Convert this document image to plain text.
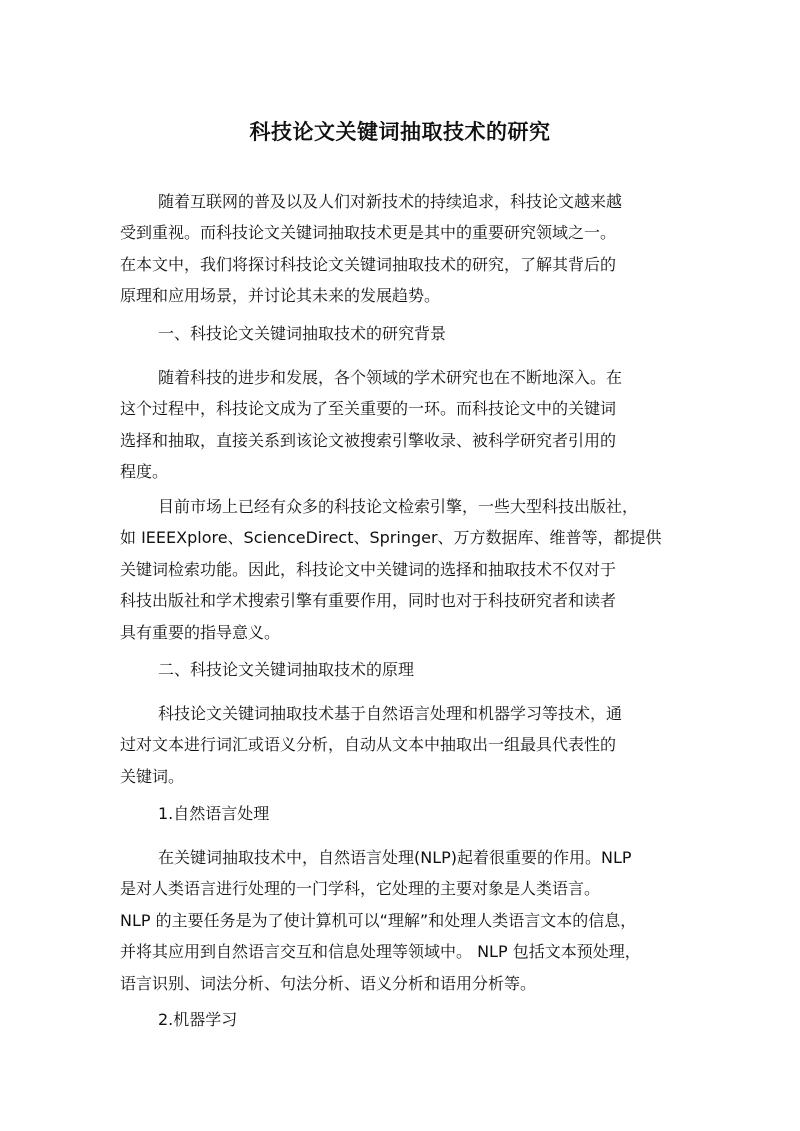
科技论文关键词抽取技术的研究
随着互联网的普及以及人们对新技术的持续追求，科技论文越来越
受到重视。而科技论文关键词抽取技术更是其中的重要研究领域之一。
在本文中，我们将探讨科技论文关键词抽取技术的研究，了解其背后的
原理和应用场景，并讨论其未来的发展趋势。
一、科技论文关键词抽取技术的研究背景
随着科技的进步和发展，各个领域的学术研究也在不断地深入。在
这个过程中，科技论文成为了至关重要的一环。而科技论文中的关键词
选择和抽取，直接关系到该论文被搜索引擎收录、被科学研究者引用的
程度。
目前市场上已经有众多的科技论文检索引擎，一些大型科技出版社，
如 IEEEXplore、ScienceDirect、Springer、万方数据库、维普等，都提供
关键词检索功能。因此，科技论文中关键词的选择和抽取技术不仅对于
科技出版社和学术搜索引擎有重要作用，同时也对于科技研究者和读者
具有重要的指导意义。
二、科技论文关键词抽取技术的原理
科技论文关键词抽取技术基于自然语言处理和机器学习等技术，通
过对文本进行词汇或语义分析，自动从文本中抽取出一组最具代表性的
关键词。
1.自然语言处理
在关键词抽取技术中，自然语言处理(NLP)起着很重要的作用。NLP
是对人类语言进行处理的一门学科，它处理的主要对象是人类语言。
NLP 的主要任务是为了使计算机可以“理解”和处理人类语言文本的信息，
并将其应用到自然语言交互和信息处理等领域中。 NLP 包括文本预处理，
语言识别、词法分析、句法分析、语义分析和语用分析等。
2.机器学习
